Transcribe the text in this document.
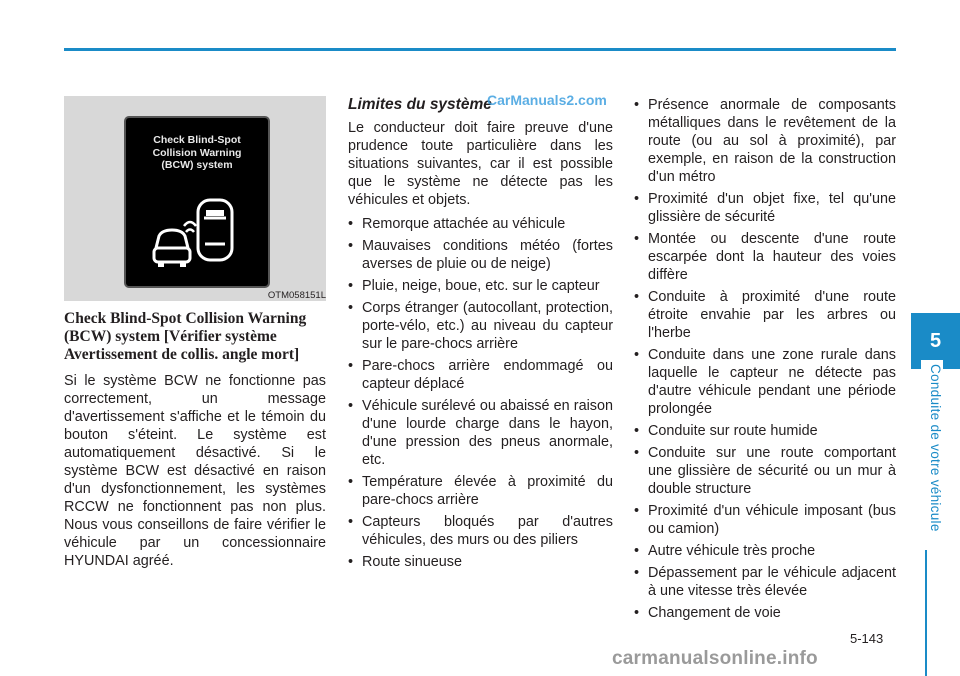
5
Conduite de votre véhicule
Check Blind-Spot
Collision Warning
(BCW) system
OTM058151L
Check Blind-Spot Collision Warning (BCW) system [Vérifier système Avertissement de collis. angle mort]

Si le système BCW ne fonctionne pas correctement, un message d'avertissement s'affiche et le témoin du bouton s'éteint. Le système est automatiquement désactivé. Si le système BCW est désactivé en raison d'un dysfonctionnement, les systèmes RCCW ne fonctionnent pas non plus. Nous vous conseillons de faire vérifier le véhicule par un concessionnaire HYUNDAI agréé.

Limites du système

Le conducteur doit faire preuve d'une prudence toute particulière dans les situations suivantes, car il est possible que le système ne détecte pas les véhicules et objets.

• Remorque attachée au véhicule
• Mauvaises conditions météo (fortes averses de pluie ou de neige)
• Pluie, neige, boue, etc. sur le capteur
• Corps étranger (autocollant, protection, porte-vélo, etc.) au niveau du capteur sur le pare-chocs arrière
• Pare-chocs arrière endommagé ou capteur déplacé
• Véhicule surélevé ou abaissé en raison d'une lourde charge dans le hayon, d'une pression des pneus anormale, etc.
• Température élevée à proximité du pare-chocs arrière
• Capteurs bloqués par d'autres véhicules, des murs ou des piliers
• Route sinueuse
• Présence anormale de composants métalliques dans le revêtement de la route (ou au sol à proximité), par exemple, en raison de la construction d'un métro
• Proximité d'un objet fixe, tel qu'une glissière de sécurité
• Montée ou descente d'une route escarpée dont la hauteur des voies diffère
• Conduite à proximité d'une route étroite envahie par les arbres ou l'herbe
• Conduite dans une zone rurale dans laquelle le capteur ne détecte pas d'autre véhicule pendant une période prolongée
• Conduite sur route humide
• Conduite sur une route comportant une glissière de sécurité ou un mur à double structure
• Proximité d'un véhicule imposant (bus ou camion)
• Autre véhicule très proche
• Dépassement par le véhicule adjacent à une vitesse très élevée
• Changement de voie
5-143
CarManuals2.com
carmanualsonline.info
